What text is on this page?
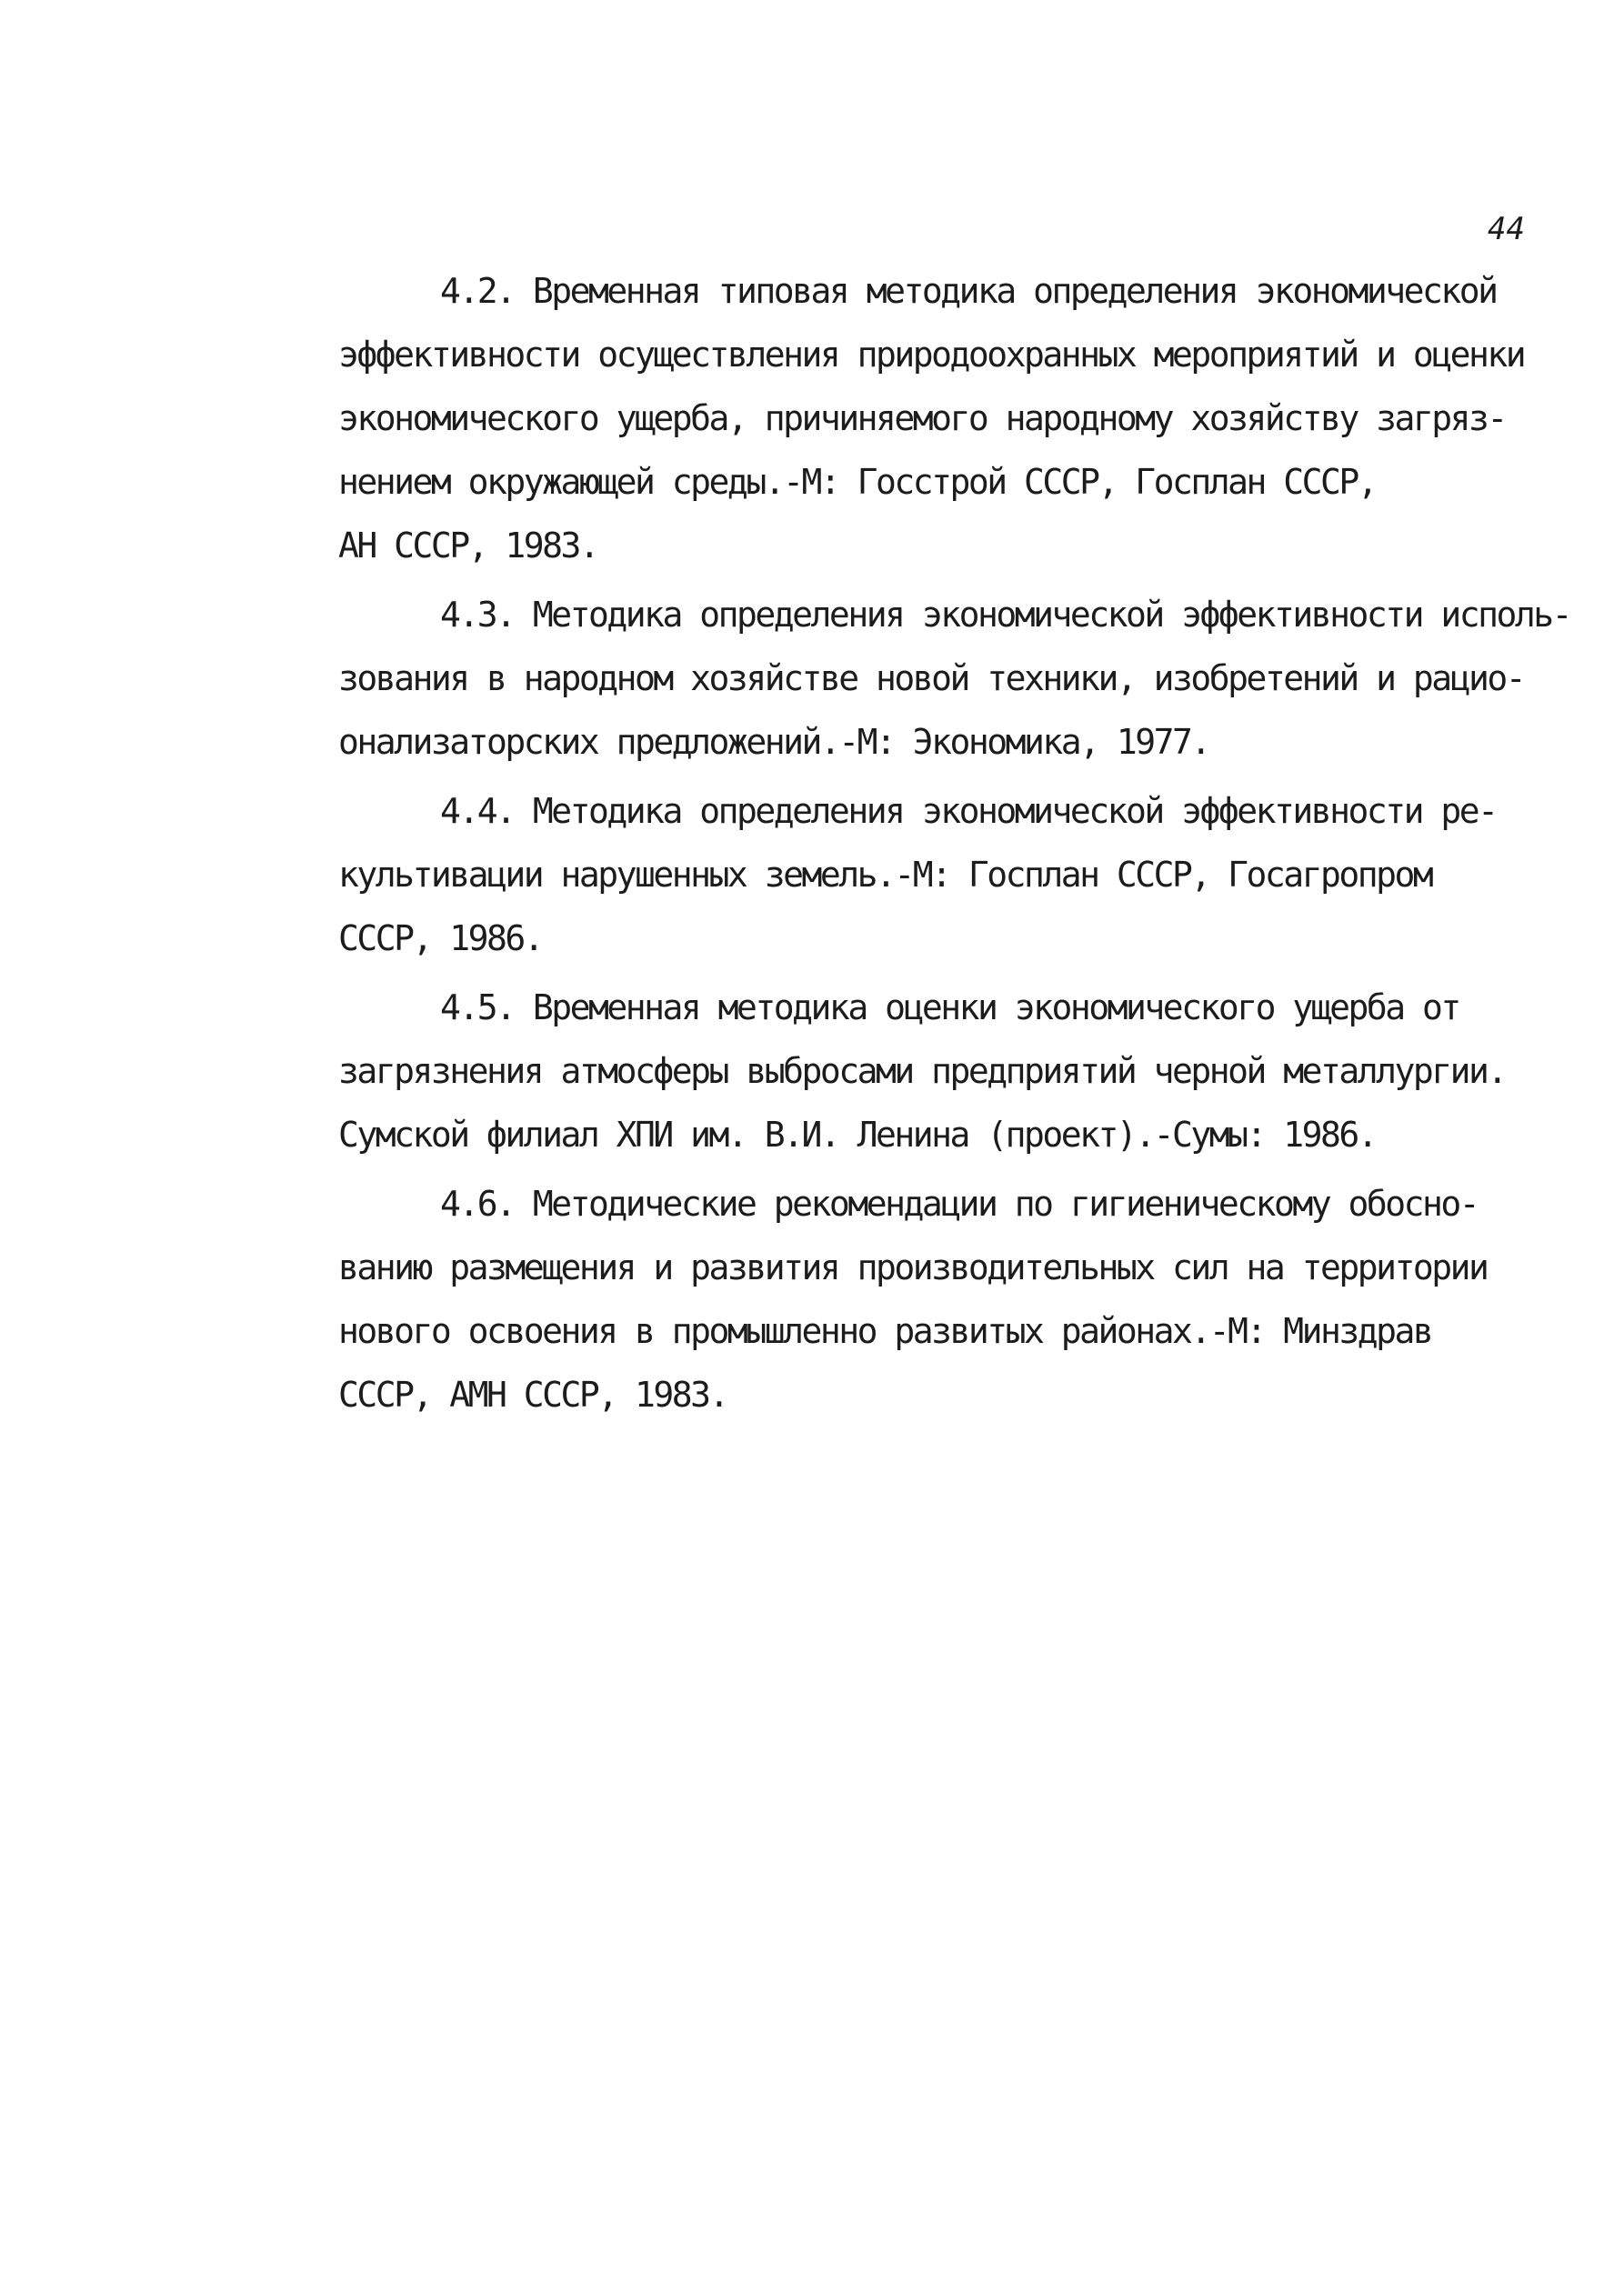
44
4.2. Временная типовая методика определения экономической
эффективности осуществления природоохранных мероприятий и оценки
экономического ущерба, причиняемого народному хозяйству загряз-
нением окружающей среды.-М: Госстрой СССР, Госплан СССР,
АН СССР, 1983.
4.3. Методика определения экономической эффективности исполь-
зования в народном хозяйстве новой техники, изобретений и рацио-
онализаторских предложений.-М: Экономика, 1977.
4.4. Методика определения экономической эффективности ре-
культивации нарушенных земель.-М: Госплан СССР, Госагропром
СССР, 1986.
4.5. Временная методика оценки экономического ущерба от
загрязнения атмосферы выбросами предприятий черной металлургии.
Сумской филиал ХПИ им. В.И. Ленина (проект).-Сумы: 1986.
4.6. Методические рекомендации по гигиеническому обосно-
ванию размещения и развития производительных сил на территории
нового освоения в промышленно развитых районах.-М: Минздрав
СССР, АМН СССР, 1983.
